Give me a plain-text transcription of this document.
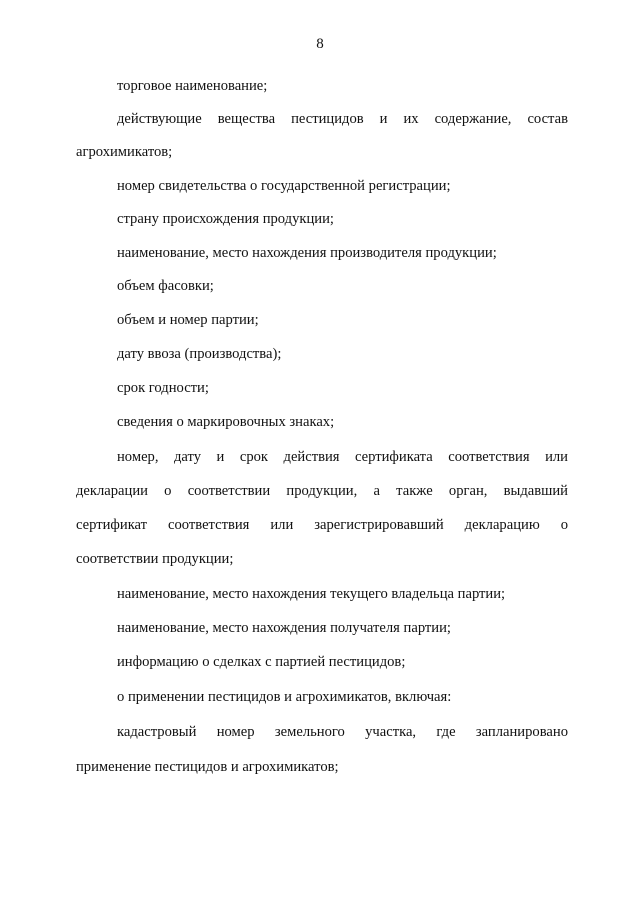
8
торговое наименование;
действующие вещества пестицидов и их содержание, состав
агрохимикатов;
номер свидетельства о государственной регистрации;
страну происхождения продукции;
наименование, место нахождения производителя продукции;
объем фасовки;
объем и номер партии;
дату ввоза (производства);
срок годности;
сведения о маркировочных знаках;
номер, дату и срок действия сертификата соответствия или
декларации о соответствии продукции, а также орган, выдавший
сертификат соответствия или зарегистрировавший декларацию о
соответствии продукции;
наименование, место нахождения текущего владельца партии;
наименование, место нахождения получателя партии;
информацию о сделках с партией пестицидов;
о применении пестицидов и агрохимикатов, включая:
кадастровый номер земельного участка, где запланировано
применение пестицидов и агрохимикатов;
